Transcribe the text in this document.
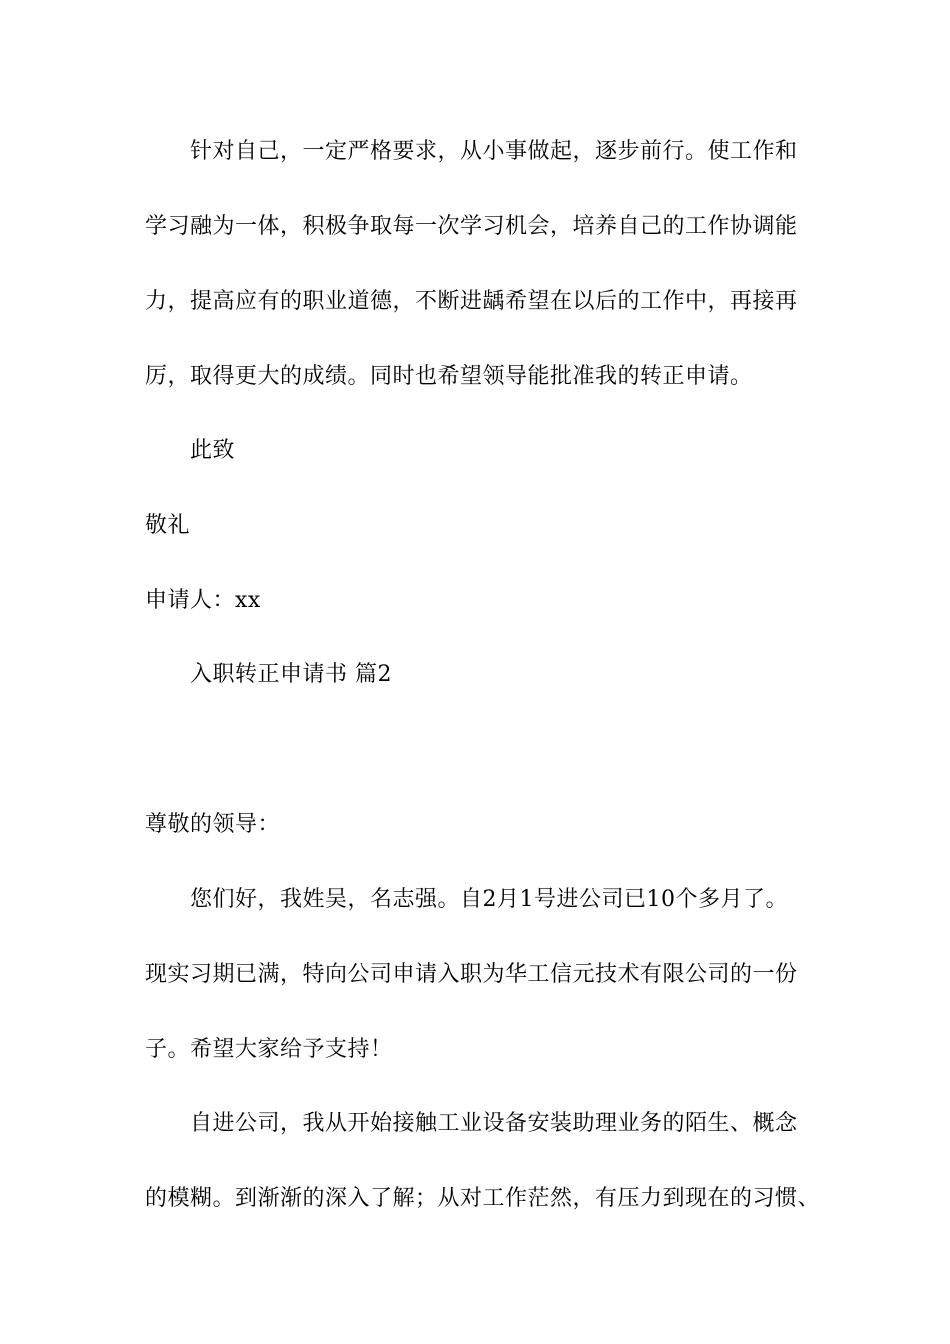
针对自己，一定严格要求，从小事做起，逐步前行。使工作和
学习融为一体，积极争取每一次学习机会，培养自己的工作协调能
力，提高应有的职业道德，不断进龋希望在以后的工作中，再接再
厉，取得更大的成绩。同时也希望领导能批准我的转正申请。
此致
敬礼
申请人：xx
入职转正申请书 篇2
尊敬的领导：
您们好，我姓吴，名志强。自2月1号进公司已10个多月了。
现实习期已满，特向公司申请入职为华工信元技术有限公司的一份
子。希望大家给予支持！
自进公司，我从开始接触工业设备安装助理业务的陌生、概念
的模糊。到渐渐的深入了解；从对工作茫然，有压力到现在的习惯、
